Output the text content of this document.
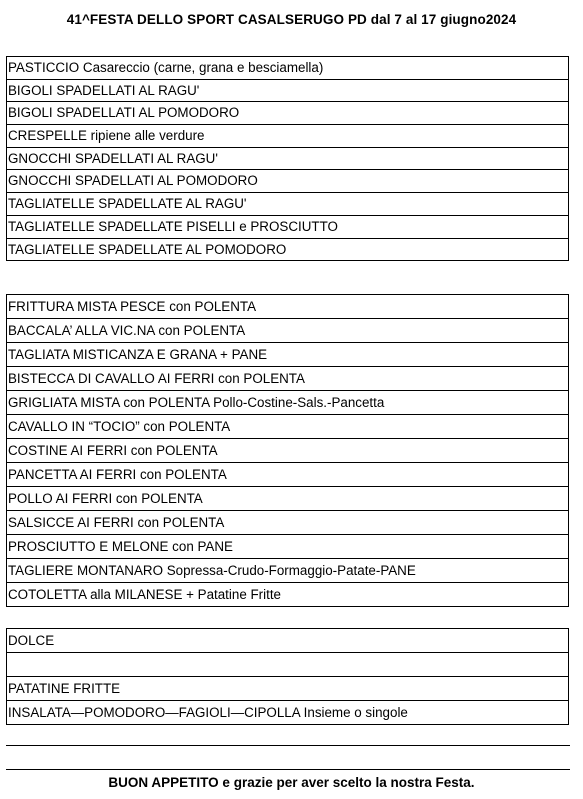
41^FESTA DELLO SPORT CASALSERUGO PD dal 7 al 17 giugno2024
PASTICCIO Casareccio (carne, grana e besciamella)
BIGOLI SPADELLATI AL RAGU'
BIGOLI SPADELLATI AL POMODORO
CRESPELLE ripiene alle verdure
GNOCCHI SPADELLATI AL RAGU'
GNOCCHI SPADELLATI AL POMODORO
TAGLIATELLE SPADELLATE AL RAGU'
TAGLIATELLE SPADELLATE PISELLI e PROSCIUTTO
TAGLIATELLE SPADELLATE AL POMODORO
FRITTURA MISTA PESCE con POLENTA
BACCALA’ ALLA VIC.NA con POLENTA
TAGLIATA MISTICANZA E GRANA + PANE
BISTECCA DI CAVALLO AI FERRI con POLENTA
GRIGLIATA MISTA con POLENTA Pollo-Costine-Sals.-Pancetta
CAVALLO IN “TOCIO” con POLENTA
COSTINE AI FERRI con POLENTA
PANCETTA AI FERRI con POLENTA
POLLO AI FERRI con POLENTA
SALSICCE AI FERRI con POLENTA
PROSCIUTTO E MELONE con PANE
TAGLIERE MONTANARO Sopressa-Crudo-Formaggio-Patate-PANE
COTOLETTA alla MILANESE + Patatine Fritte
DOLCE
PATATINE FRITTE
INSALATA—POMODORO—FAGIOLI—CIPOLLA Insieme o singole
BUON APPETITO e grazie per aver scelto la nostra Festa.
